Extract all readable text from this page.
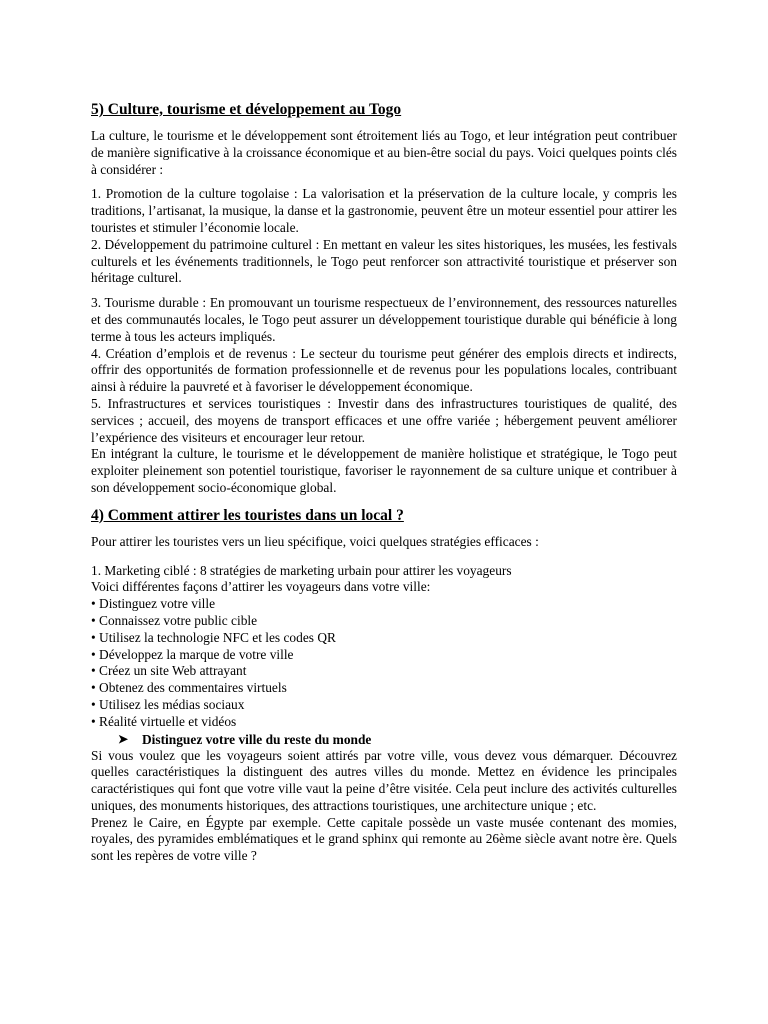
5) Culture, tourisme et développement au Togo

La culture, le tourisme et le développement sont étroitement liés au Togo, et leur intégration peut contribuer de manière significative à la croissance économique et au bien-être social du pays. Voici quelques points clés à considérer :

1. Promotion de la culture togolaise : La valorisation et la préservation de la culture locale, y compris les traditions, l’artisanat, la musique, la danse et la gastronomie, peuvent être un moteur essentiel pour attirer les touristes et stimuler l’économie locale.

2. Développement du patrimoine culturel : En mettant en valeur les sites historiques, les musées, les festivals culturels et les événements traditionnels, le Togo peut renforcer son attractivité touristique et préserver son héritage culturel.

3. Tourisme durable : En promouvant un tourisme respectueux de l’environnement, des ressources naturelles et des communautés locales, le Togo peut assurer un développement touristique durable qui bénéficie à long terme à tous les acteurs impliqués.

4. Création d’emplois et de revenus : Le secteur du tourisme peut générer des emplois directs et indirects, offrir des opportunités de formation professionnelle et de revenus pour les populations locales, contribuant ainsi à réduire la pauvreté et à favoriser le développement économique.

5. Infrastructures et services touristiques : Investir dans des infrastructures touristiques de qualité, des services ; accueil, des moyens de transport efficaces et une offre variée ; hébergement peuvent améliorer l’expérience des visiteurs et encourager leur retour.

En intégrant la culture, le tourisme et le développement de manière holistique et stratégique, le Togo peut exploiter pleinement son potentiel touristique, favoriser le rayonnement de sa culture unique et contribuer à son développement socio-économique global.

4) Comment attirer les touristes dans un local ?

Pour attirer les touristes vers un lieu spécifique, voici quelques stratégies efficaces :

1. Marketing ciblé : 8 stratégies de marketing urbain pour attirer les voyageurs

Voici différentes façons d’attirer les voyageurs dans votre ville:

• Distinguez votre ville
• Connaissez votre public cible
• Utilisez la technologie NFC et les codes QR
• Développez la marque de votre ville
• Créez un site Web attrayant
• Obtenez des commentaires virtuels
• Utilisez les médias sociaux
• Réalité virtuelle et vidéos
➤	Distinguez votre ville du reste du monde

Si vous voulez que les voyageurs soient attirés par votre ville, vous devez vous démarquer. Découvrez quelles caractéristiques la distinguent des autres villes du monde. Mettez en évidence les principales caractéristiques qui font que votre ville vaut la peine d’être visitée. Cela peut inclure des activités culturelles uniques, des monuments historiques, des attractions touristiques, une architecture unique ; etc.

Prenez le Caire, en Égypte par exemple. Cette capitale possède un vaste musée contenant des momies, royales, des pyramides emblématiques et le grand sphinx qui remonte au 26ème siècle avant notre ère. Quels sont les repères de votre ville ?
